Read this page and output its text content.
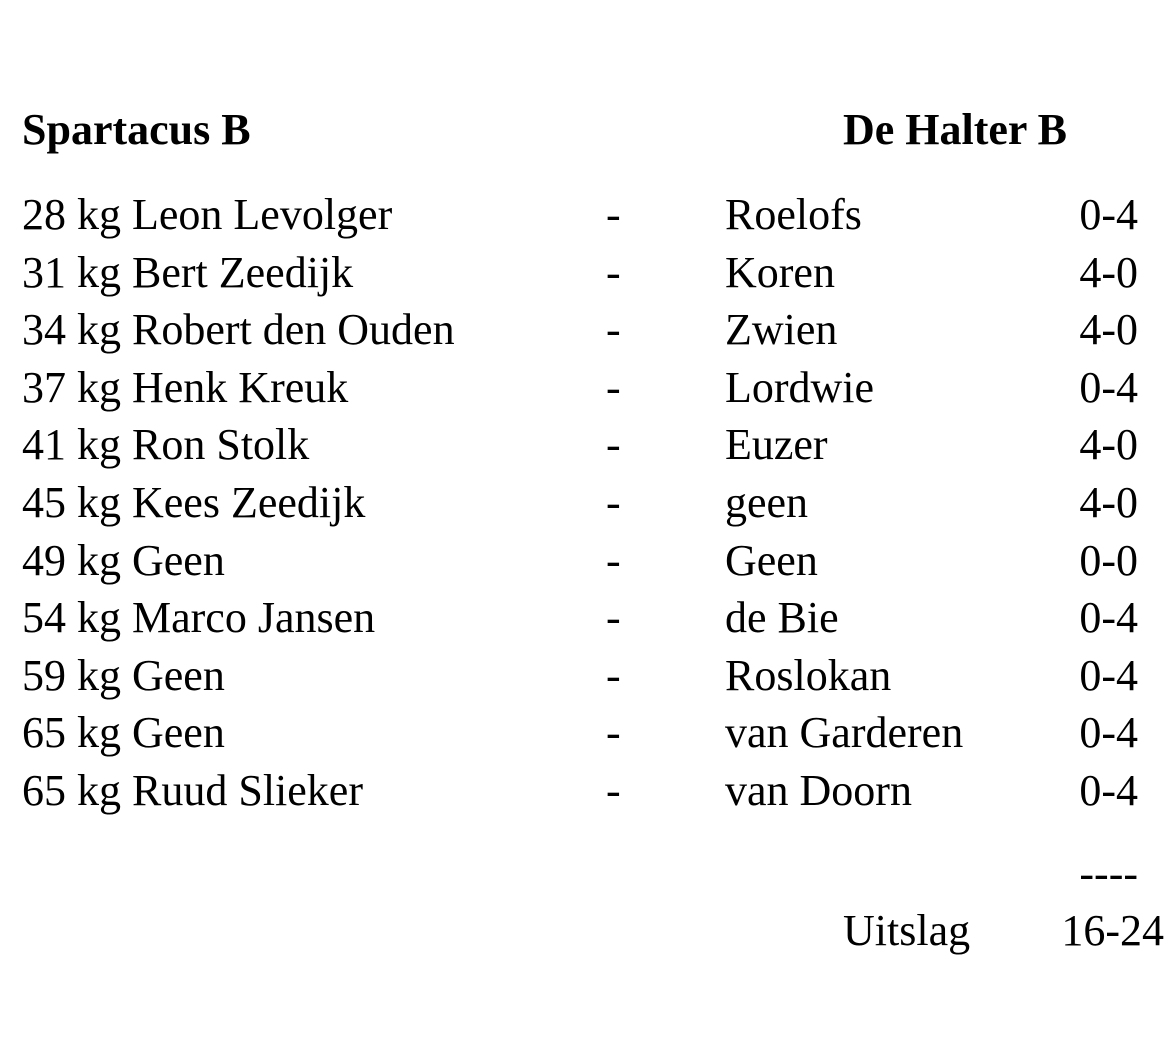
Spartacus B	De Halter B
28 kg Leon Levolger	- Roelofs	0-4
31 kg Bert Zeedijk	- Koren	4-0
34 kg Robert den Ouden	- Zwien	4-0
37 kg Henk Kreuk	- Lordwie	0-4
41 kg Ron Stolk	- Euzer	4-0
45 kg Kees Zeedijk	- geen	4-0
49 kg Geen	- Geen	0-0
54 kg Marco Jansen	- de Bie	0-4
59 kg Geen	- Roslokan	0-4
65 kg Geen	- van Garderen	0-4
65 kg Ruud Slieker	- van Doorn	0-4
----
Uitslag 16-24
